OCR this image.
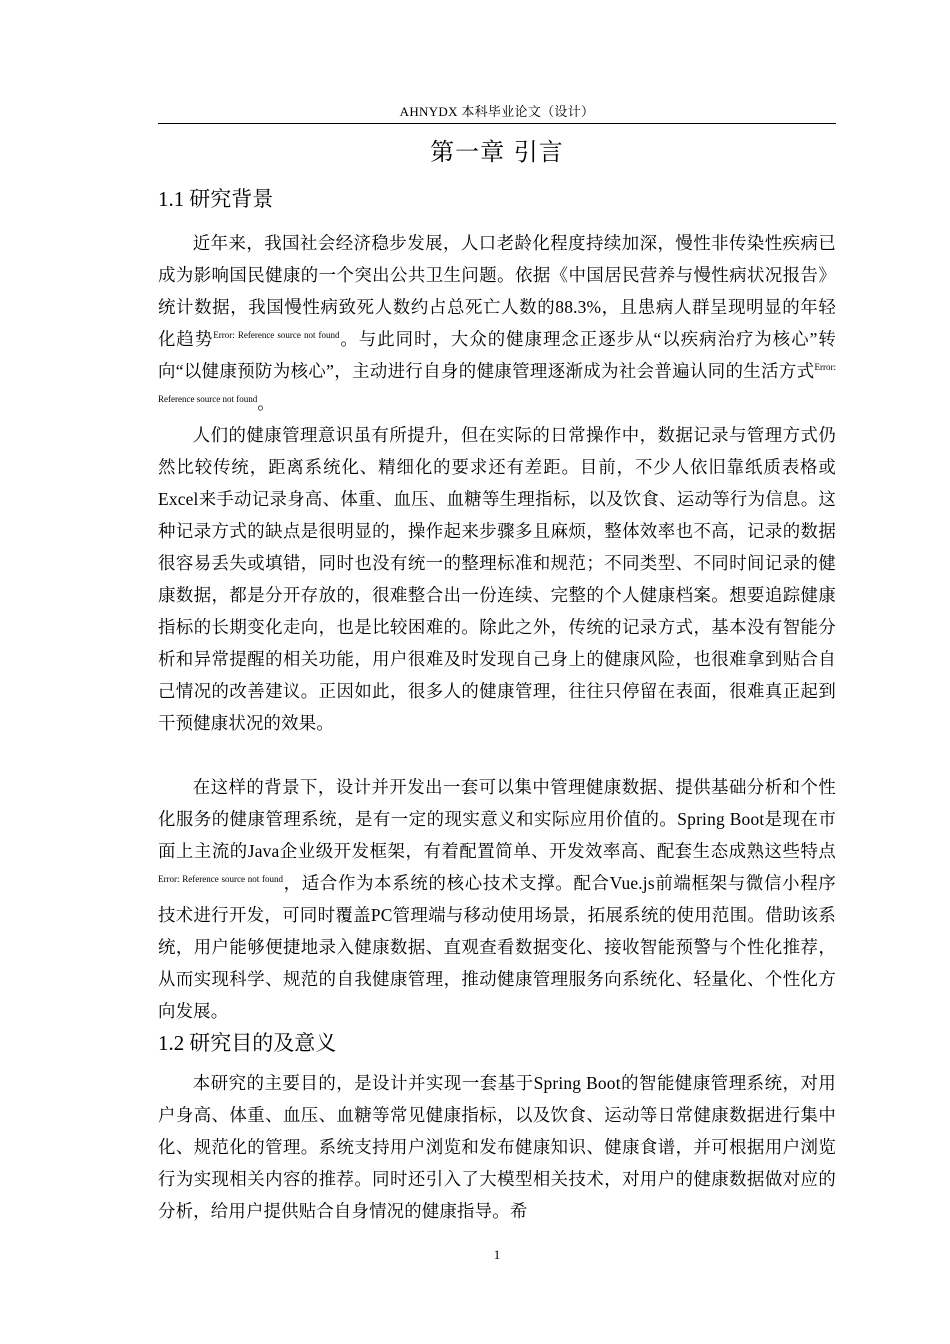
AHNYDX 本科毕业论文（设计）
第一章 引言
1.1 研究背景

近年来，我国社会经济稳步发展，人口老龄化程度持续加深，慢性非传染性疾病已成为影响国民健康的一个突出公共卫生问题。依据《中国居民营养与慢性病状况报告》统计数据，我国慢性病致死人数约占总死亡人数的88.3%，且患病人群呈现明显的年轻化趋势$^{Error: Reference source not found}$。与此同时，大众的健康理念正逐步从“以疾病治疗为核心”转向“以健康预防为核心”，主动进行自身的健康管理逐渐成为社会普遍认同的生活方式$^{Error: Reference source not found}$。

人们的健康管理意识虽有所提升，但在实际的日常操作中，数据记录与管理方式仍然比较传统，距离系统化、精细化的要求还有差距。目前，不少人依旧靠纸质表格或Excel来手动记录身高、体重、血压、血糖等生理指标，以及饮食、运动等行为信息。这种记录方式的缺点是很明显的，操作起来步骤多且麻烦，整体效率也不高，记录的数据很容易丢失或填错，同时也没有统一的整理标准和规范；不同类型、不同时间记录的健康数据，都是分开存放的，很难整合出一份连续、完整的个人健康档案。想要追踪健康指标的长期变化走向，也是比较困难的。除此之外，传统的记录方式，基本没有智能分析和异常提醒的相关功能，用户很难及时发现自己身上的健康风险，也很难拿到贴合自己情况的改善建议。正因如此，很多人的健康管理，往往只停留在表面，很难真正起到干预健康状况的效果。

在这样的背景下，设计并开发出一套可以集中管理健康数据、提供基础分析和个性化服务的健康管理系统，是有一定的现实意义和实际应用价值的。Spring Boot是现在市面上主流的Java企业级开发框架，有着配置简单、开发效率高、配套生态成熟这些特点$^{Error: Reference source not found}$，适合作为本系统的核心技术支撑。配合Vue.js前端框架与微信小程序技术进行开发，可同时覆盖PC管理端与移动使用场景，拓展系统的使用范围。借助该系统，用户能够便捷地录入健康数据、直观查看数据变化、接收智能预警与个性化推荐，从而实现科学、规范的自我健康管理，推动健康管理服务向系统化、轻量化、个性化方向发展。

1.2 研究目的及意义

本研究的主要目的，是设计并实现一套基于Spring Boot的智能健康管理系统，对用户身高、体重、血压、血糖等常见健康指标，以及饮食、运动等日常健康数据进行集中化、规范化的管理。系统支持用户浏览和发布健康知识、健康食谱，并可根据用户浏览行为实现相关内容的推荐。同时还引入了大模型相关技术，对用户的健康数据做对应的分析，给用户提供贴合自身情况的健康指导。希

1
